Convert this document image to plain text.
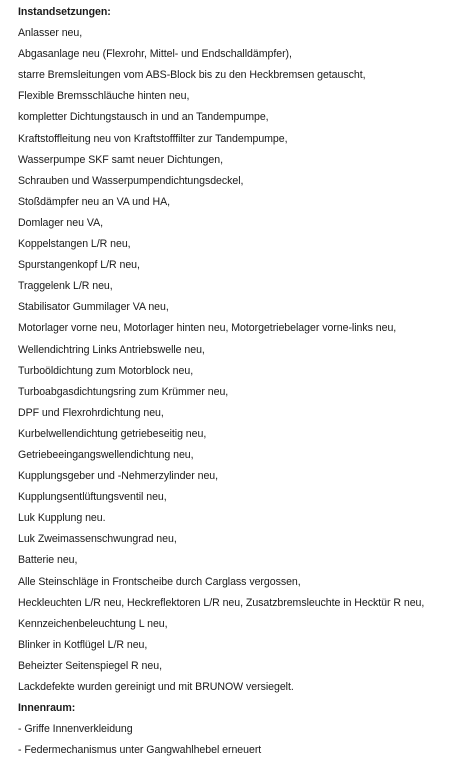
Instandsetzungen:
Anlasser neu,
Abgasanlage neu (Flexrohr, Mittel- und Endschalldämpfer),
starre Bremsleitungen vom ABS-Block bis zu den Heckbremsen getauscht,
Flexible Bremsschläuche hinten neu,
kompletter Dichtungstausch in und an Tandempumpe,
Kraftstoffleitung neu von Kraftstofffilter zur Tandempumpe,
Wasserpumpe SKF samt neuer Dichtungen,
Schrauben und Wasserpumpendichtungsdeckel,
Stoßdämpfer neu an VA und HA,
Domlager neu VA,
Koppelstangen L/R neu,
Spurstangenkopf L/R neu,
Traggelenk L/R neu,
Stabilisator Gummilager VA neu,
Motorlager vorne neu, Motorlager hinten neu, Motorgetriebelager vorne-links neu,
Wellendichtring Links Antriebswelle neu,
Turboöldichtung zum Motorblock neu,
Turboabgasdichtungsring zum Krümmer neu,
DPF und Flexrohrdichtung neu,
Kurbelwellendichtung getriebeseitig neu,
Getriebeeingangswellendichtung neu,
Kupplungsgeber und -Nehmerzylinder neu,
Kupplungsentlüftungsventil neu,
Luk Kupplung neu.
Luk Zweimassenschwungrad neu,
Batterie neu,
Alle Steinschläge in Frontscheibe durch Carglass vergossen,
Heckleuchten L/R neu, Heckreflektoren L/R neu, Zusatzbremsleuchte in Hecktür R neu,
Kennzeichenbeleuchtung L neu,
Blinker in Kotflügel L/R neu,
Beheizter Seitenspiegel R neu,
Lackdefekte wurden gereinigt und mit BRUNOW versiegelt.
Innenraum:
- Griffe Innenverkleidung
- Federmechanismus unter Gangwahlhebel erneuert
